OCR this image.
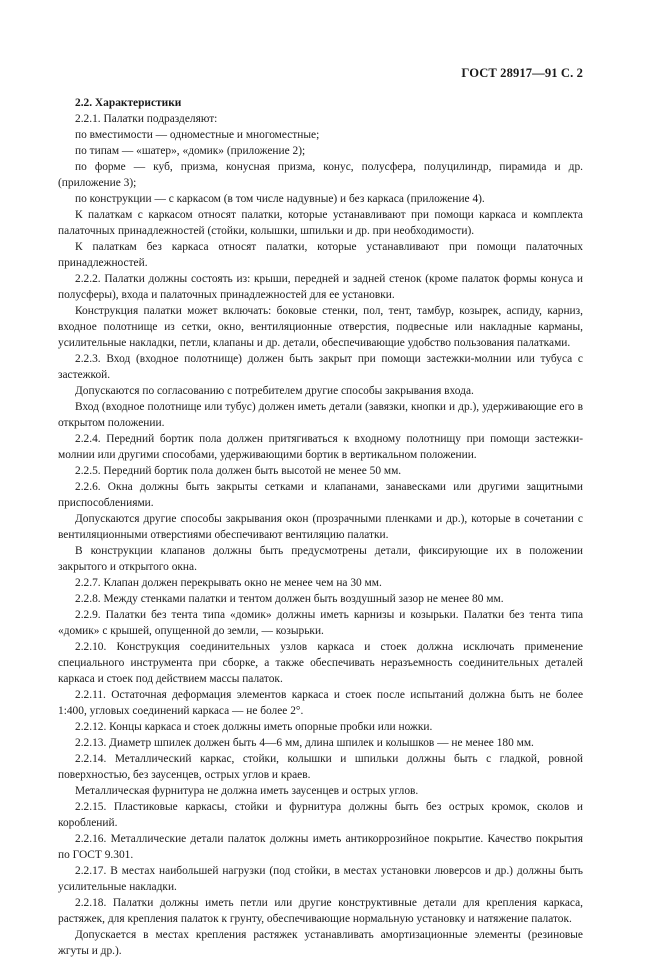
ГОСТ 28917—91 С. 2

2.2. Характеристики

2.2.1. Палатки подразделяют:

по вместимости — одноместные и многоместные;

по типам — «шатер», «домик» (приложение 2);

по форме — куб, призма, конусная призма, конус, полусфера, полуцилиндр, пирамида и др. (приложение 3);

по конструкции — с каркасом (в том числе надувные) и без каркаса (приложение 4).

К палаткам с каркасом относят палатки, которые устанавливают при помощи каркаса и комплекта палаточных принадлежностей (стойки, колышки, шпильки и др. при необходимости).

К палаткам без каркаса относят палатки, которые устанавливают при помощи палаточных принадлежностей.

2.2.2. Палатки должны состоять из: крыши, передней и задней стенок (кроме палаток формы конуса и полусферы), входа и палаточных принадлежностей для ее установки.

Конструкция палатки может включать: боковые стенки, пол, тент, тамбур, козырек, аспиду, карниз, входное полотнище из сетки, окно, вентиляционные отверстия, подвесные или накладные карманы, усилительные накладки, петли, клапаны и др. детали, обеспечивающие удобство пользования палатками.

2.2.3. Вход (входное полотнище) должен быть закрыт при помощи застежки-молнии или тубуса с застежкой.

Допускаются по согласованию с потребителем другие способы закрывания входа.

Вход (входное полотнище или тубус) должен иметь детали (завязки, кнопки и др.), удерживающие его в открытом положении.

2.2.4. Передний бортик пола должен притягиваться к входному полотнищу при помощи застежки-молнии или другими способами, удерживающими бортик в вертикальном положении.

2.2.5. Передний бортик пола должен быть высотой не менее 50 мм.

2.2.6. Окна должны быть закрыты сетками и клапанами, занавесками или другими защитными приспособлениями.

Допускаются другие способы закрывания окон (прозрачными пленками и др.), которые в сочетании с вентиляционными отверстиями обеспечивают вентиляцию палатки.

В конструкции клапанов должны быть предусмотрены детали, фиксирующие их в положении закрытого и открытого окна.

2.2.7. Клапан должен перекрывать окно не менее чем на 30 мм.

2.2.8. Между стенками палатки и тентом должен быть воздушный зазор не менее 80 мм.

2.2.9. Палатки без тента типа «домик» должны иметь карнизы и козырьки. Палатки без тента типа «домик» с крышей, опущенной до земли, — козырьки.

2.2.10. Конструкция соединительных узлов каркаса и стоек должна исключать применение специального инструмента при сборке, а также обеспечивать неразъемность соединительных деталей каркаса и стоек под действием массы палаток.

2.2.11. Остаточная деформация элементов каркаса и стоек после испытаний должна быть не более 1:400, угловых соединений каркаса — не более 2°.

2.2.12. Концы каркаса и стоек должны иметь опорные пробки или ножки.

2.2.13. Диаметр шпилек должен быть 4—6 мм, длина шпилек и колышков — не менее 180 мм.

2.2.14. Металлический каркас, стойки, колышки и шпильки должны быть с гладкой, ровной поверхностью, без заусенцев, острых углов и краев.

Металлическая фурнитура не должна иметь заусенцев и острых углов.

2.2.15. Пластиковые каркасы, стойки и фурнитура должны быть без острых кромок, сколов и короблений.

2.2.16. Металлические детали палаток должны иметь антикоррозийное покрытие. Качество покрытия по ГОСТ 9.301.

2.2.17. В местах наибольшей нагрузки (под стойки, в местах установки люверсов и др.) должны быть усилительные накладки.

2.2.18. Палатки должны иметь петли или другие конструктивные детали для крепления каркаса, растяжек, для крепления палаток к грунту, обеспечивающие нормальную установку и натяжение палаток.

Допускается в местах крепления растяжек устанавливать амортизационные элементы (резиновые жгуты и др.).
